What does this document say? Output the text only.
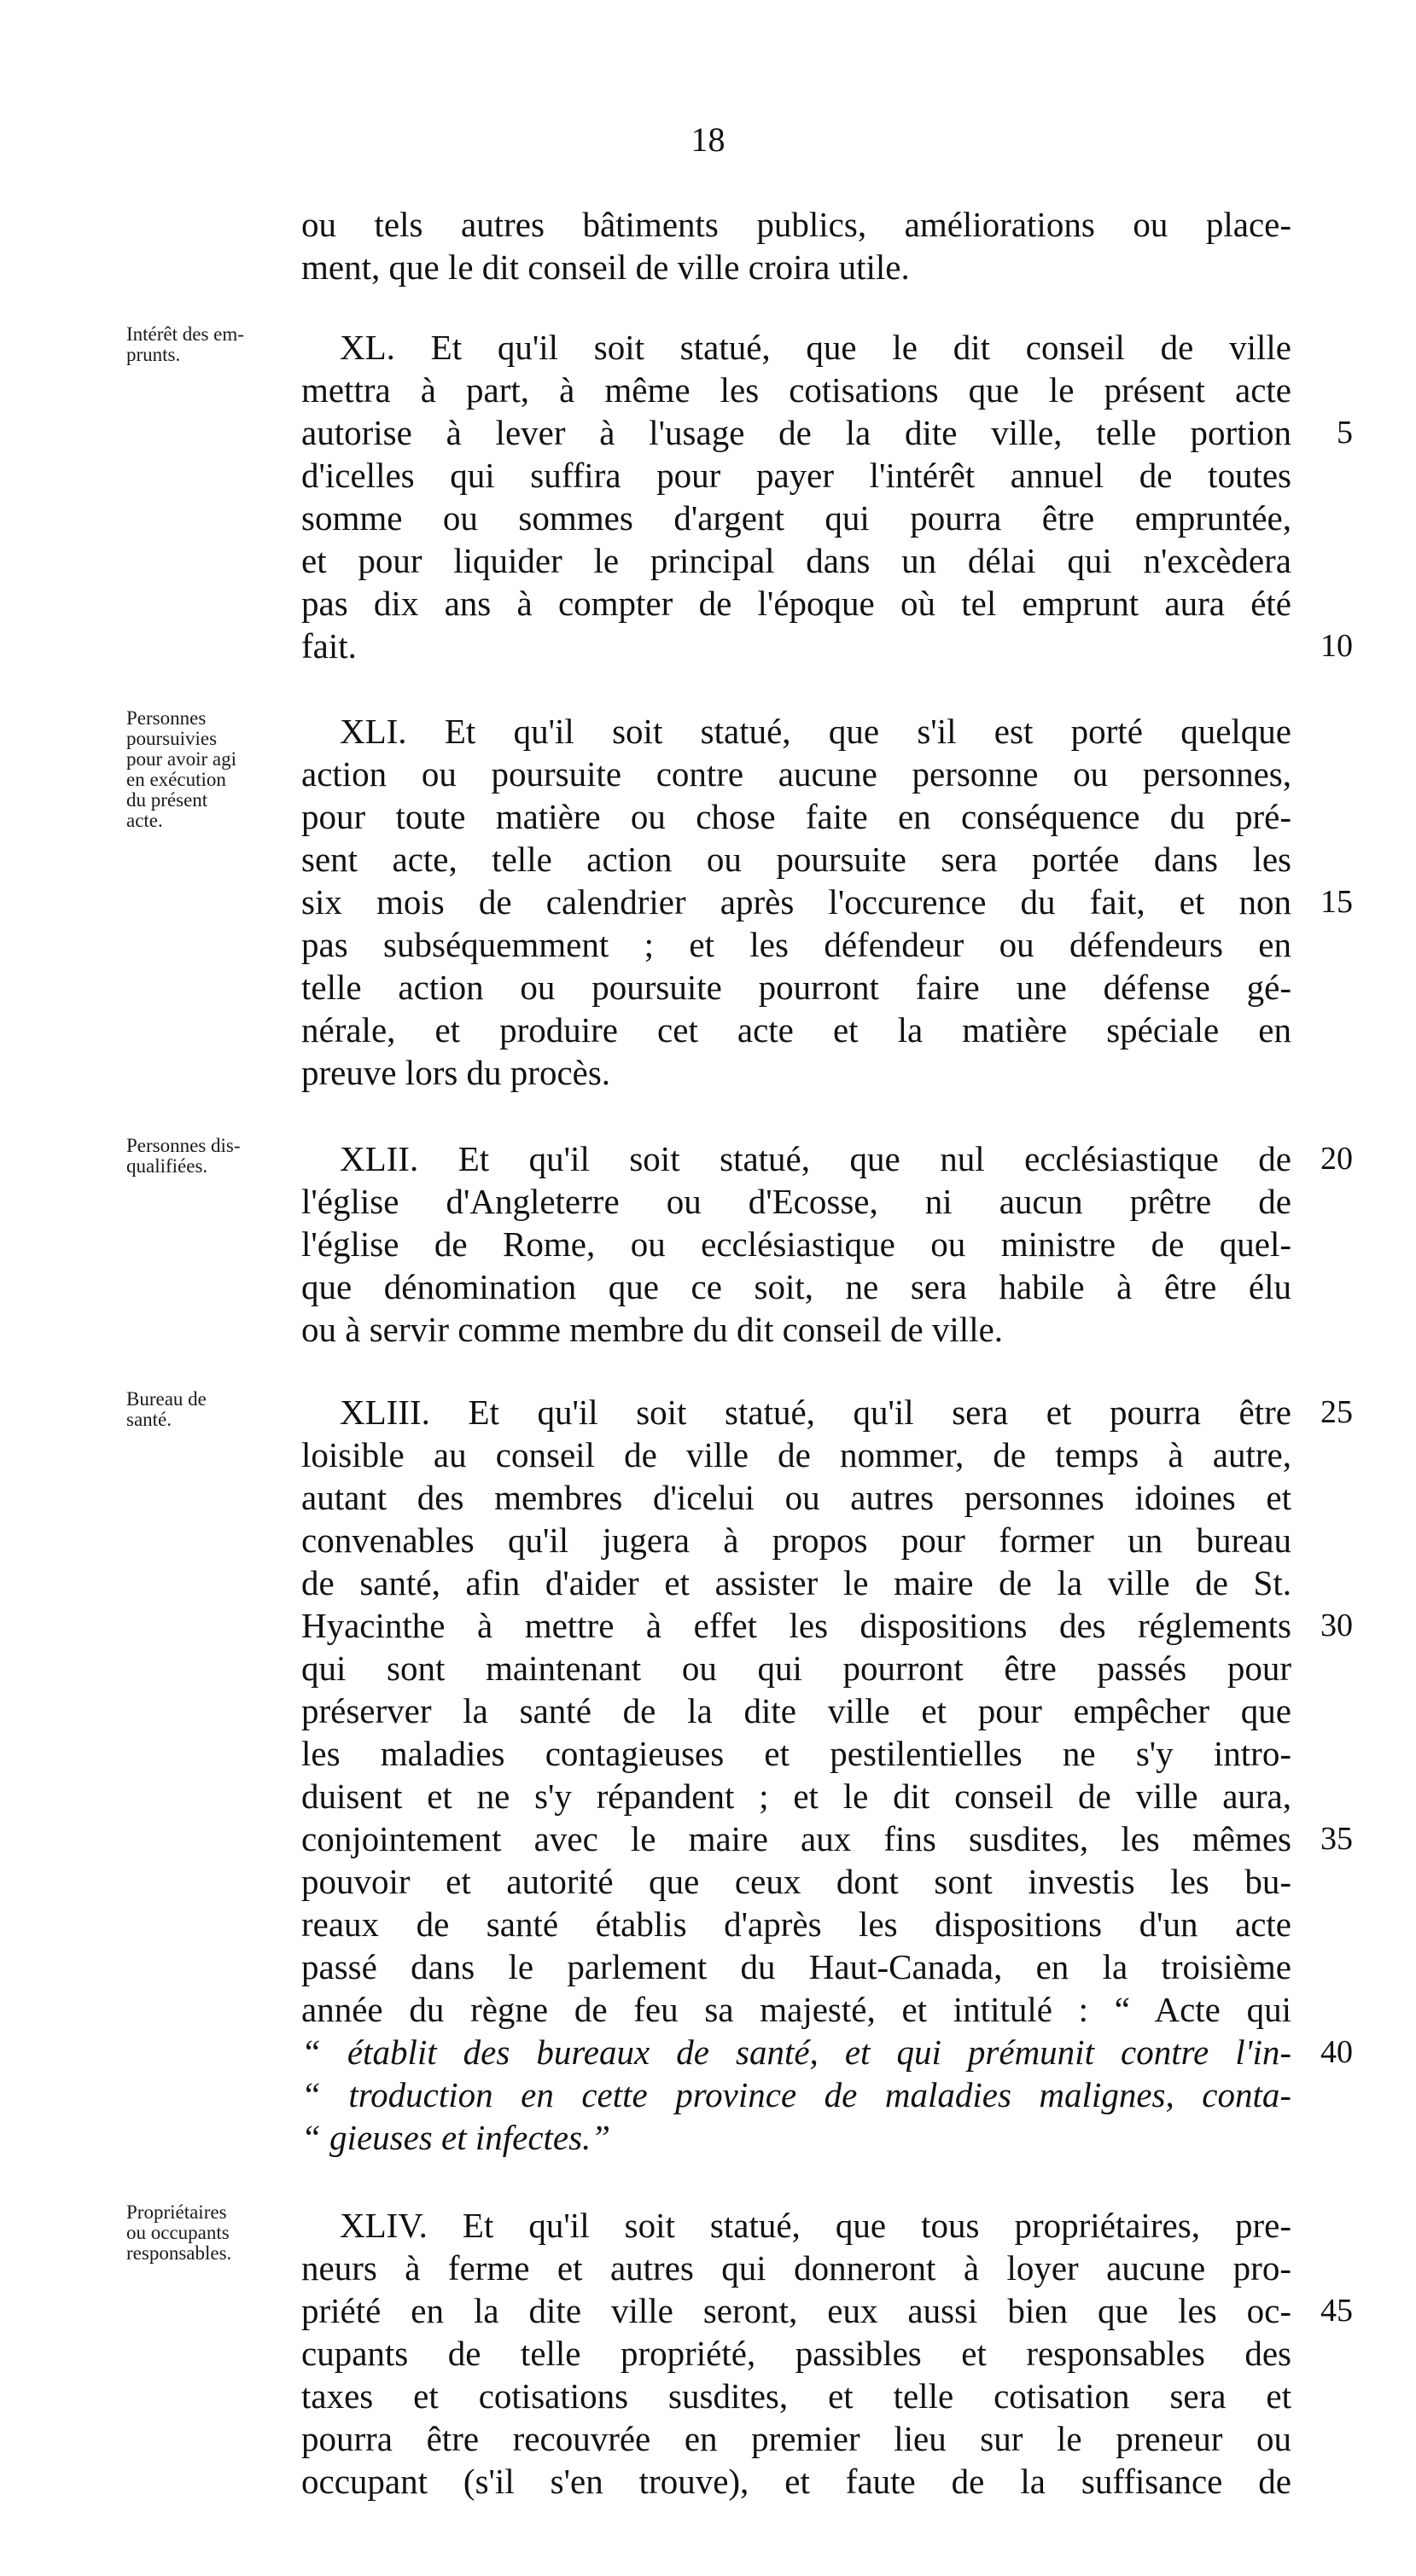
18
ou tels autres bâtiments publics, améliorations ou place-
ment, que le dit conseil de ville croira utile.
XL. Et qu'il soit statué, que le dit conseil de ville
mettra à part, à même les cotisations que le présent acte
autorise à lever à l'usage de la dite ville, telle portion
d'icelles qui suffira pour payer l'intérêt annuel de toutes
somme ou sommes d'argent qui pourra être empruntée,
et pour liquider le principal dans un délai qui n'excèdera
pas dix ans à compter de l'époque où tel emprunt aura été
fait.
XLI. Et qu'il soit statué, que s'il est porté quelque
action ou poursuite contre aucune personne ou personnes,
pour toute matière ou chose faite en conséquence du pré-
sent acte, telle action ou poursuite sera portée dans les
six mois de calendrier après l'occurence du fait, et non
pas subséquemment ; et les défendeur ou défendeurs en
telle action ou poursuite pourront faire une défense gé-
nérale, et produire cet acte et la matière spéciale en
preuve lors du procès.
XLII. Et qu'il soit statué, que nul ecclésiastique de
l'église d'Angleterre ou d'Ecosse, ni aucun prêtre de
l'église de Rome, ou ecclésiastique ou ministre de quel-
que dénomination que ce soit, ne sera habile à être élu
ou à servir comme membre du dit conseil de ville.
XLIII. Et qu'il soit statué, qu'il sera et pourra être
loisible au conseil de ville de nommer, de temps à autre,
autant des membres d'icelui ou autres personnes idoines et
convenables qu'il jugera à propos pour former un bureau
de santé, afin d'aider et assister le maire de la ville de St.
Hyacinthe à mettre à effet les dispositions des réglements
qui sont maintenant ou qui pourront être passés pour
préserver la santé de la dite ville et pour empêcher que
les maladies contagieuses et pestilentielles ne s'y intro-
duisent et ne s'y répandent ; et le dit conseil de ville aura,
conjointement avec le maire aux fins susdites, les mêmes
pouvoir et autorité que ceux dont sont investis les bu-
reaux de santé établis d'après les dispositions d'un acte
passé dans le parlement du Haut-Canada, en la troisième
année du règne de feu sa majesté, et intitulé : “ Acte qui
“ établit des bureaux de santé, et qui prémunit contre l'in-
“ troduction en cette province de maladies malignes, conta-
“ gieuses et infectes.”
XLIV. Et qu'il soit statué, que tous propriétaires, pre-
neurs à ferme et autres qui donneront à loyer aucune pro-
priété en la dite ville seront, eux aussi bien que les oc-
cupants de telle propriété, passibles et responsables des
taxes et cotisations susdites, et telle cotisation sera et
pourra être recouvrée en premier lieu sur le preneur ou
occupant (s'il s'en trouve), et faute de la suffisance de
Intérêt des em-
prunts.
Personnes
poursuivies
pour avoir agi
en exécution
du présent
acte.
Personnes dis-
qualifiées.
Bureau de
santé.
Propriétaires
ou occupants
responsables.
5
10
15
20
25
30
35
40
45
